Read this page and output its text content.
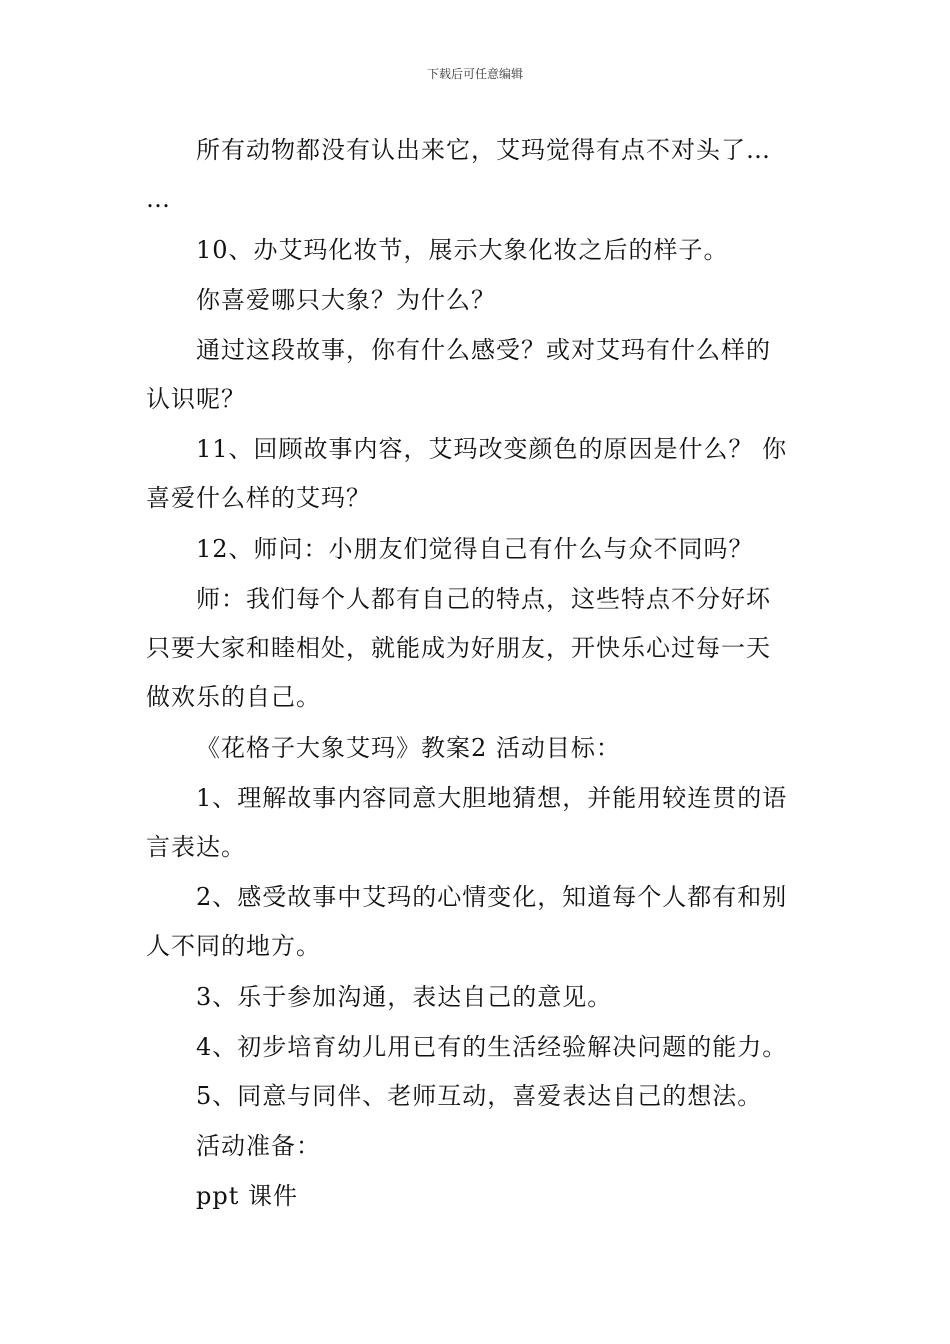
下载后可任意编辑
所有动物都没有认出来它，艾玛觉得有点不对头了…
…
10、办艾玛化妆节，展示大象化妆之后的样子。
你喜爱哪只大象？为什么？
通过这段故事，你有什么感受？或对艾玛有什么样的
认识呢？
11、回顾故事内容，艾玛改变颜色的原因是什么？ 你
喜爱什么样的艾玛？
12、师问：小朋友们觉得自己有什么与众不同吗？
师：我们每个人都有自己的特点，这些特点不分好坏
只要大家和睦相处，就能成为好朋友，开快乐心过每一天
做欢乐的自己。
《花格子大象艾玛》教案2 活动目标：
1、理解故事内容同意大胆地猜想，并能用较连贯的语
言表达。
2、感受故事中艾玛的心情变化，知道每个人都有和别
人不同的地方。
3、乐于参加沟通，表达自己的意见。
4、初步培育幼儿用已有的生活经验解决问题的能力。
5、同意与同伴、老师互动，喜爱表达自己的想法。
活动准备：
ppt 课件
